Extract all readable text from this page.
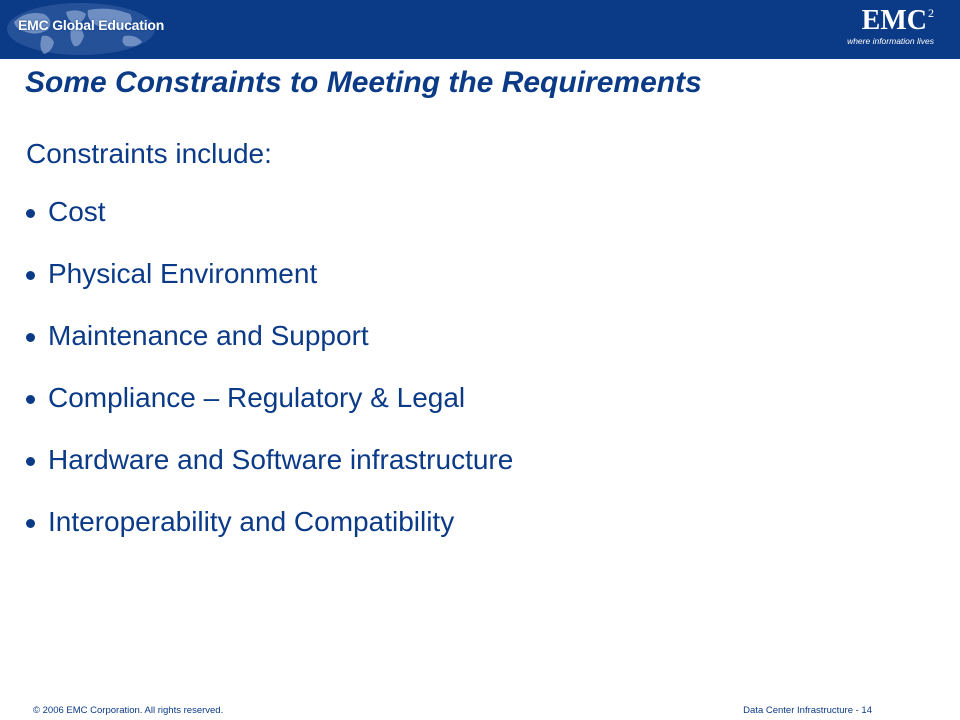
EMC Global Education	EMC$^2$
where information lives
Some Constraints to Meeting the Requirements
Constraints include:
Cost
Physical Environment
Maintenance and Support
Compliance – Regulatory & Legal
Hardware and Software infrastructure
Interoperability and Compatibility
© 2006 EMC Corporation. All rights reserved.	Data Center Infrastructure - 14
